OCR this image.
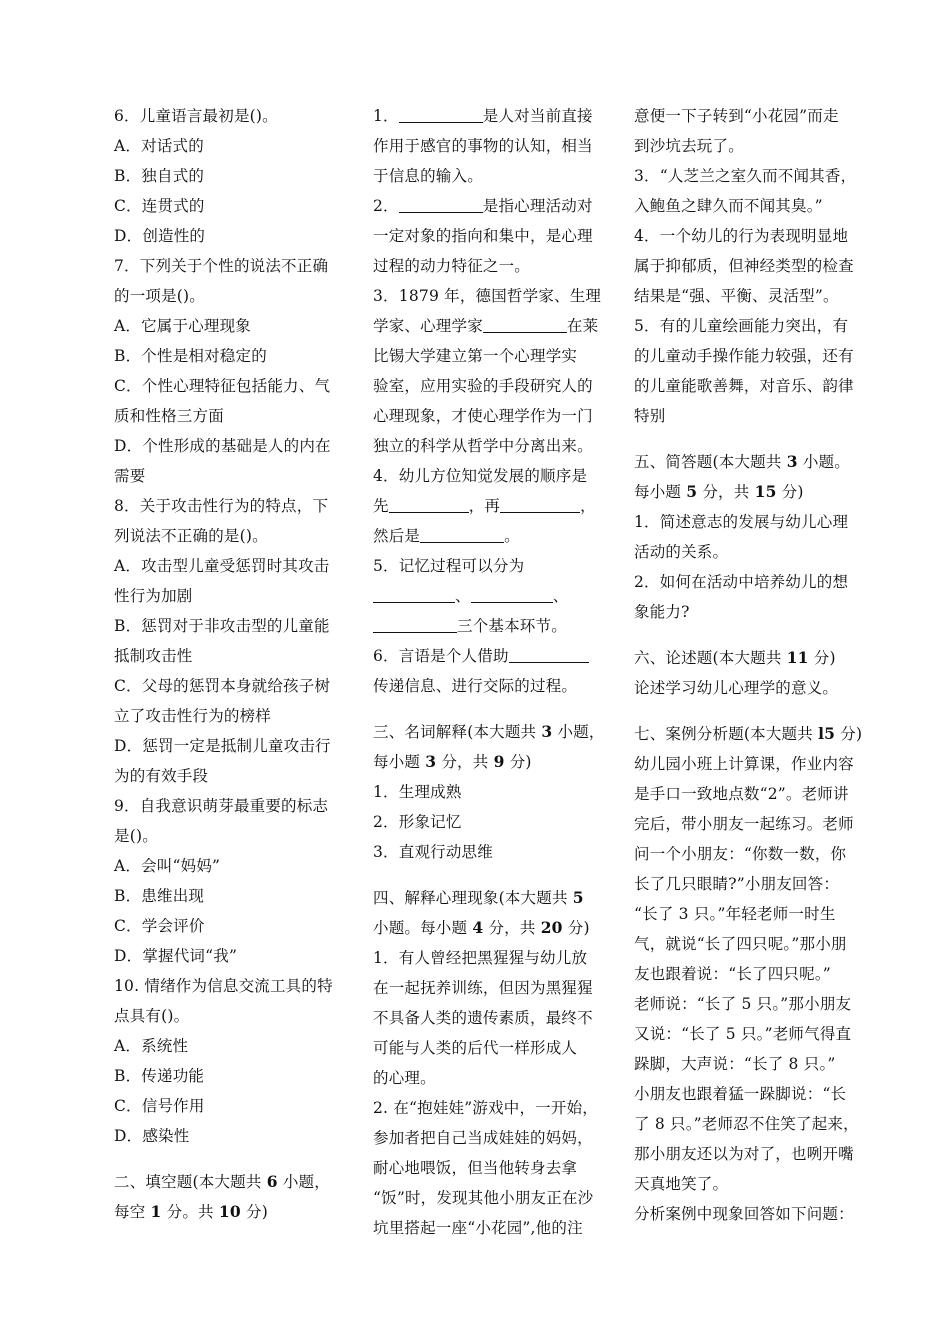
6．儿童语言最初是()。
A．对话式的
B．独自式的
C．连贯式的
D．创造性的
7．下列关于个性的说法不正确
的一项是()。
A．它属于心理现象
B．个性是相对稳定的
C．个性心理特征包括能力、气
质和性格三方面
D．个性形成的基础是人的内在
需要
8．关于攻击性行为的特点，下
列说法不正确的是()。
A．攻击型儿童受惩罚时其攻击
性行为加剧
B．惩罚对于非攻击型的儿童能
抵制攻击性
C．父母的惩罚本身就给孩子树
立了攻击性行为的榜样
D．惩罚一定是抵制儿童攻击行
为的有效手段
9．自我意识萌芽最重要的标志
是()。
A．会叫“妈妈”
B．患维出现
C．学会评价
D．掌握代词“我”
10. 情绪作为信息交流工具的特
点具有()。
A．系统性
B．传递功能
C．信号作用
D．感染性
二、填空题(本大题共 6 小题，
每空 1 分。共 10 分)
1．	是人对当前直接
作用于感官的事物的认知，相当
于信息的输入。
2．	是指心理活动对
一定对象的指向和集中，是心理
过程的动力特征之一。
3．1879 年，德国哲学家、生理
学家、心理学家	在莱
比锡大学建立第一个心理学实
验室，应用实验的手段研究人的
心理现象，才使心理学作为一门
独立的科学从哲学中分离出来。
4．幼儿方位知觉发展的顺序是
先	，再	，
然后是	。
5．记忆过程可以分为
、	、
三个基本环节。
6．言语是个人借助
传递信息、进行交际的过程。
三、名词解释(本大题共 3 小题，
每小题 3 分，共 9 分)
1．生理成熟
2．形象记忆
3．直观行动思维
四、解释心理现象(本大题共 5
小题。每小题 4 分，共 20 分)
1．有人曾经把黑猩猩与幼儿放
在一起抚养训练，但因为黑猩猩
不具备人类的遗传素质，最终不
可能与人类的后代一样形成人
的心理。
2. 在“抱娃娃”游戏中，一开始，
参加者把自己当成娃娃的妈妈，
耐心地喂饭，但当他转身去拿
“饭”时，发现其他小朋友正在沙
坑里搭起一座“小花园”,他的注
意便一下子转到“小花园”而走
到沙坑去玩了。
3．“人芝兰之室久而不闻其香，
入鲍鱼之肆久而不闻其臭。”
4．一个幼儿的行为表现明显地
属于抑郁质，但神经类型的检查
结果是“强、平衡、灵活型”。
5．有的儿童绘画能力突出，有
的儿童动手操作能力较强，还有
的儿童能歌善舞，对音乐、韵律
特别
五、简答题(本大题共 3 小题。
每小题 5 分，共 15 分)
1．简述意志的发展与幼儿心理
活动的关系。
2．如何在活动中培养幼儿的想
象能力?
六、论述题(本大题共 11 分)
论述学习幼儿心理学的意义。
七、案例分析题(本大题共 l5 分)
幼儿园小班上计算课，作业内容
是手口一致地点数“2”。老师讲
完后，带小朋友一起练习。老师
问一个小朋友：“你数一数，你
长了几只眼睛?”小朋友回答：
“长了 3 只。”年轻老师一时生
气，就说“长了四只呢。”那小朋
友也跟着说：“长了四只呢。”
老师说：“长了 5 只。”那小朋友
又说：“长了 5 只。”老师气得直
跺脚，大声说：“长了 8 只。”
小朋友也跟着猛一跺脚说：“长
了 8 只。”老师忍不住笑了起来，
那小朋友还以为对了，也咧开嘴
天真地笑了。
分析案例中现象回答如下问题：
